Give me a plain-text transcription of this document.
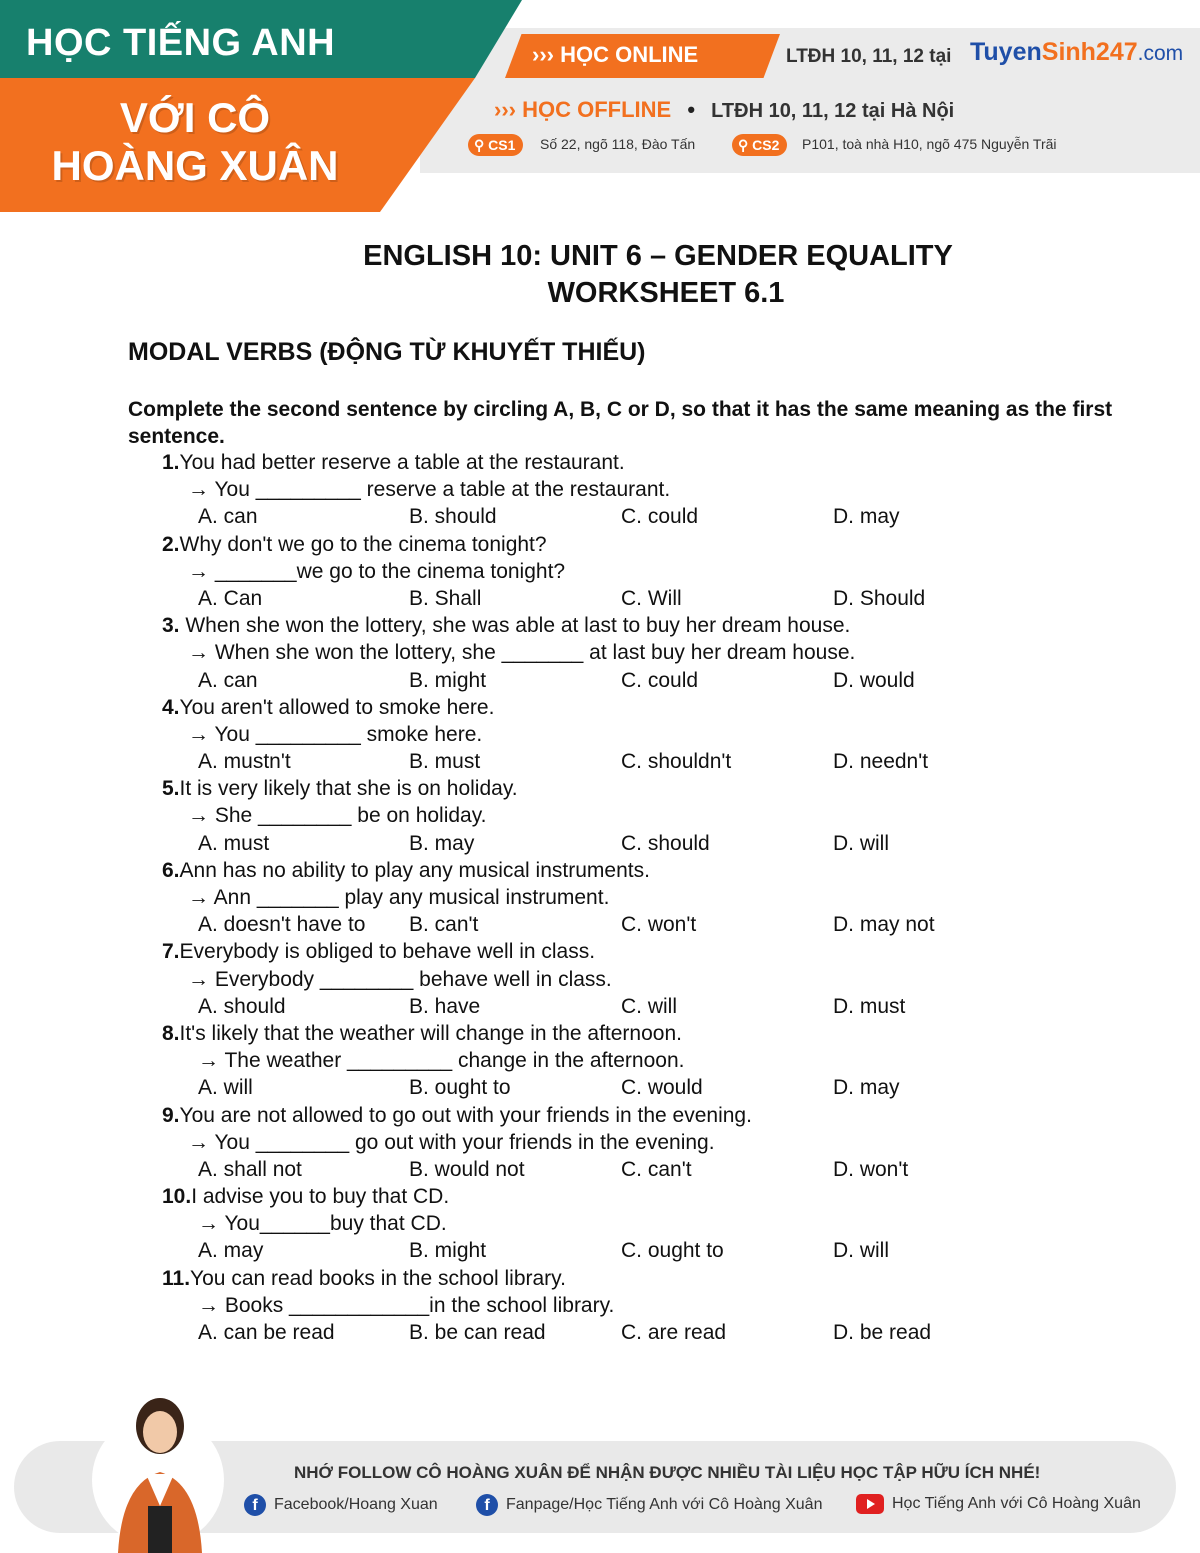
HỌC TIẾNG ANH
VỚI CÔ
HOÀNG XUÂN
››› HỌC ONLINE	LTĐH 10, 11, 12 tại TuyenSinh247.com
››› HỌC OFFLINE • LTĐH 10, 11, 12 tại Hà Nội
⚲ CS1	Số 22, ngõ 118, Đào Tấn	⚲ CS2	P101, toà nhà H10, ngõ 475 Nguyễn Trãi
ENGLISH 10: UNIT 6 – GENDER EQUALITY
WORKSHEET 6.1
MODAL VERBS (ĐỘNG TỪ KHUYẾT THIẾU)
Complete the second sentence by circling A, B, C or D, so that it has the same meaning as the first sentence.
1.You had better reserve a table at the restaurant.
→ You _________ reserve a table at the restaurant.
A. can	B. should	C. could	D. may
2.Why don't we go to the cinema tonight?
→ _______we go to the cinema tonight?
A. Can	B. Shall	C. Will	D. Should
3. When she won the lottery, she was able at last to buy her dream house.
→ When she won the lottery, she _______ at last buy her dream house.
A. can	B. might	C. could	D. would
4.You aren't allowed to smoke here.
→ You _________ smoke here.
A. mustn't	B. must	C. shouldn't	D. needn't
5.It is very likely that she is on holiday.
→ She ________ be on holiday.
A. must	B. may	C. should	D. will
6.Ann has no ability to play any musical instruments.
→ Ann _______ play any musical instrument.
A. doesn't have to B. can't	C. won't	D. may not
7.Everybody is obliged to behave well in class.
→ Everybody ________ behave well in class.
A. should	B. have	C. will	D. must
8.It's likely that the weather will change in the afternoon.
→ The weather _________ change in the afternoon.
A. will	B. ought to	C. would	D. may
9.You are not allowed to go out with your friends in the evening.
→ You ________ go out with your friends in the evening.
A. shall not	B. would not	C. can't	D. won't
10.I advise you to buy that CD.
→ You______buy that CD.
A. may	B. might	C. ought to	D. will
11.You can read books in the school library.
→ Books ____________in the school library.
A. can be read	B. be can read	C. are read	D. be read
NHỚ FOLLOW CÔ HOÀNG XUÂN ĐỂ NHẬN ĐƯỢC NHIỀU TÀI LIỆU HỌC TẬP HỮU ÍCH NHÉ!
f	Facebook/Hoang Xuan	f	Fanpage/Học Tiếng Anh với Cô Hoàng Xuân	Học Tiếng Anh với Cô Hoàng Xuân
